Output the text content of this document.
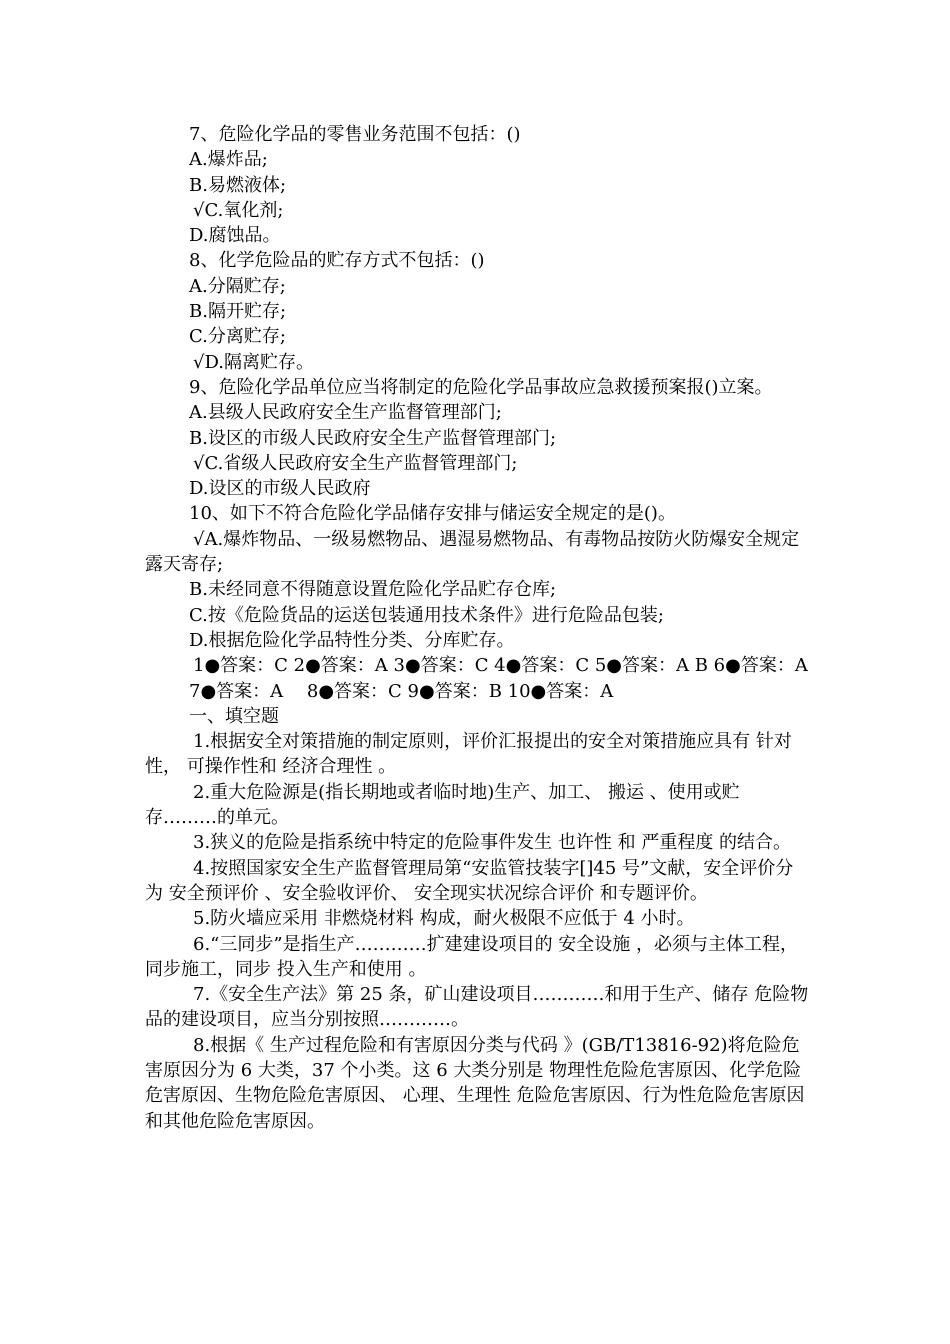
7、危险化学品的零售业务范围不包括：()

A.爆炸品;

B.易燃液体;

√C.氧化剂;

D.腐蚀品。

8、化学危险品的贮存方式不包括：()

A.分隔贮存;

B.隔开贮存;

C.分离贮存;

√D.隔离贮存。

9、危险化学品单位应当将制定的危险化学品事故应急救援预案报()立案。

A.县级人民政府安全生产监督管理部门;

B.设区的市级人民政府安全生产监督管理部门;

√C.省级人民政府安全生产监督管理部门;

D.设区的市级人民政府

10、如下不符合危险化学品储存安排与储运安全规定的是()。

√A.爆炸物品、一级易燃物品、遇湿易燃物品、有毒物品按防火防爆安全规定露天寄存;

B.未经同意不得随意设置危险化学品贮存仓库;

C.按《危险货品的运送包装通用技术条件》进行危险品包装;

D.根据危险化学品特性分类、分库贮存。

1●答案：C 2●答案：A 3●答案：C 4●答案：C 5●答案：A B 6●答案：A

7●答案：A　 8●答案：C 9●答案：B 10●答案：A

一、填空题

1.根据安全对策措施的制定原则，评价汇报提出的安全对策措施应具有 针对性， 可操作性和 经济合理性 。

2.重大危险源是(指长期地或者临时地)生产、加工、 搬运 、使用或贮存………的单元。

3.狭义的危险是指系统中特定的危险事件发生 也许性 和 严重程度 的结合。

4.按照国家安全生产监督管理局第“安监管技装字[]45 号”文献，安全评价分为 安全预评价 、安全验收评价、 安全现实状况综合评价 和专题评价。

5.防火墙应采用 非燃烧材料 构成，耐火极限不应低于 4 小时。

6.“三同步”是指生产…………扩建建设项目的 安全设施 ，必须与主体工程，同步施工，同步 投入生产和使用 。

7.《安全生产法》第 25 条，矿山建设项目…………和用于生产、储存 危险物品的建设项目，应当分别按照…………。

8.根据《 生产过程危险和有害原因分类与代码 》(GB/T13816-92)将危险危害原因分为 6 大类，37 个小类。这 6 大类分别是 物理性危险危害原因、化学危险危害原因、生物危险危害原因、 心理、生理性 危险危害原因、行为性危险危害原因和其他危险危害原因。
